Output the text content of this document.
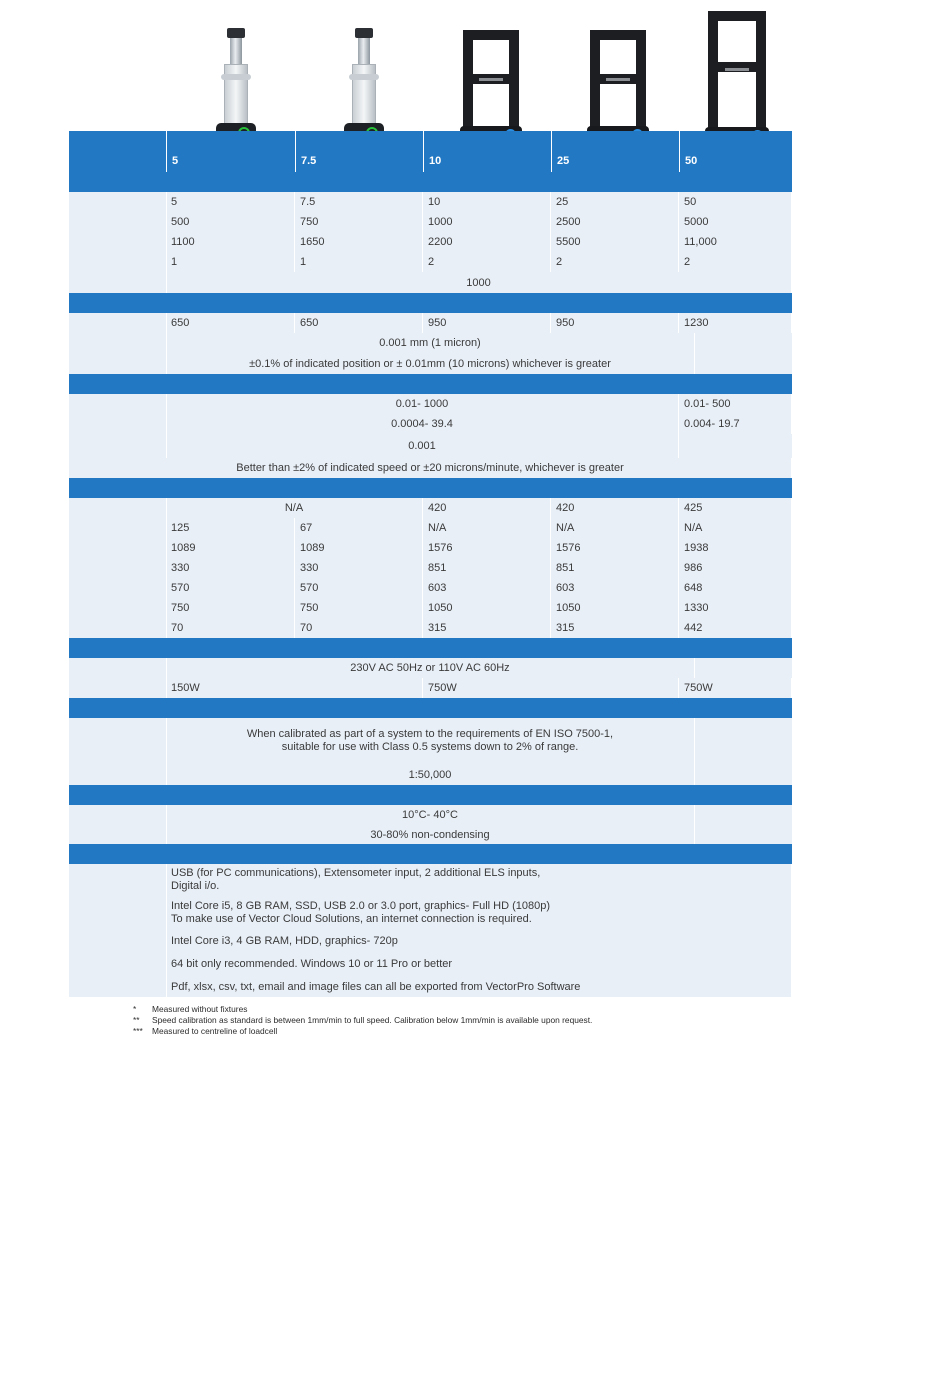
5	7.5	10	25	50
5	7.5	10	25	50
500	750	1000	2500	5000
1100	1650	2200	5500	11,000
1	1	2	2	2
1000
650	650	950	950	1230
0.001 mm (1 micron)
±0.1% of indicated position or ± 0.01mm (10 microns) whichever is greater
0.01- 1000	0.01- 500
0.0004- 39.4	0.004- 19.7
0.001
Better than ±2% of indicated speed or ±20 microns/minute, whichever is greater
N/A	420	420	425
125	67	N/A	N/A	N/A
1089	1089	1576	1576	1938
330	330	851	851	986
570	570	603	603	648
750	750	1050	1050	1330
70	70	315	315	442
230V AC 50Hz or 110V AC 60Hz
150W	750W	750W
When calibrated as part of a system to the requirements of EN ISO 7500-1,
suitable for use with Class 0.5 systems down to 2% of range.
1:50,000
10°C- 40°C
30-80% non-condensing
USB (for PC communications), Extensometer input, 2 additional ELS inputs,
Digital i/o.
Intel Core i5, 8 GB RAM, SSD, USB 2.0 or 3.0 port, graphics- Full HD (1080p)
To make use of Vector Cloud Solutions, an internet connection is required.
Intel Core i3, 4 GB RAM, HDD, graphics- 720p
64 bit only recommended. Windows 10 or 11 Pro or better
Pdf, xlsx, csv, txt, email and image files can all be exported from VectorPro Software
* Measured without fixtures
** Speed calibration as standard is between 1mm/min to full speed. Calibration below 1mm/min is available upon request.
*** Measured to centreline of loadcell
